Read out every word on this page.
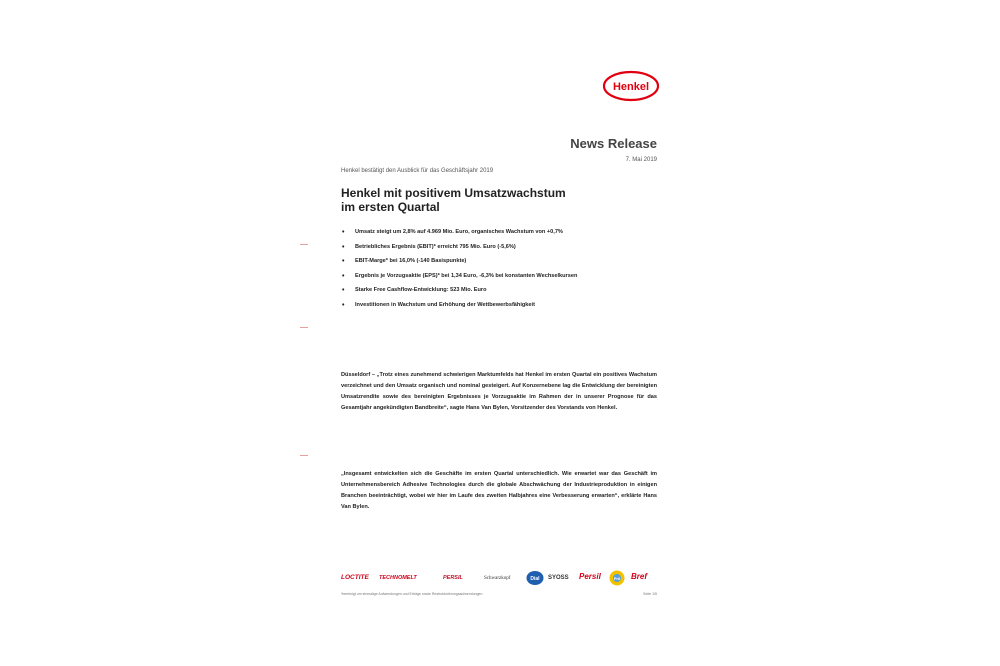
Henkel
News Release
7. Mai 2019
Henkel bestätigt den Ausblick für das Geschäftsjahr 2019
Henkel mit positivem Umsatzwachstum
im ersten Quartal
• Umsatz steigt um 2,8% auf 4.969 Mio. Euro, organisches Wachstum von +0,7%
• Betriebliches Ergebnis (EBIT)* erreicht 795 Mio. Euro (-5,6%)
• EBIT-Marge* bei 16,0% (-140 Basispunkte)
• Ergebnis je Vorzugsaktie (EPS)* bei 1,34 Euro, -6,3% bei konstanten Wechselkursen
• Starke Free Cashflow-Entwicklung: 523 Mio. Euro
• Investitionen in Wachstum und Erhöhung der Wettbewerbsfähigkeit

Düsseldorf – „Trotz eines zunehmend schwierigen Marktumfelds hat Henkel im ersten Quartal ein positives Wachstum verzeichnet und den Umsatz organisch und nominal gesteigert. Auf Konzernebene lag die Entwicklung der bereinigten Umsatzrendite sowie des bereinigten Ergebnisses je Vorzugsaktie im Rahmen der in unserer Prognose für das Gesamtjahr angekündigten Bandbreite“, sagte Hans Van Bylen, Vorsitzender des Vorstands von Henkel.

„Insgesamt entwickelten sich die Geschäfte im ersten Quartal unterschiedlich. Wie erwartet war das Geschäft im Unternehmensbereich Adhesive Technologies durch die globale Abschwächung der Industrieproduktion in einigen Branchen beeinträchtigt, wobei wir hier im Laufe des zweiten Halbjahres eine Verbesserung erwarten“, erklärte Hans Van Bylen.

LOCTITE TECHNOMELT	PERSIL	Schwarzkopf	Dial SYOSS Persil	Pril Bref
*bereinigt um einmalige Aufwendungen und Erträge sowie Restrukturierungsaufwendungen	Seite 1/5
